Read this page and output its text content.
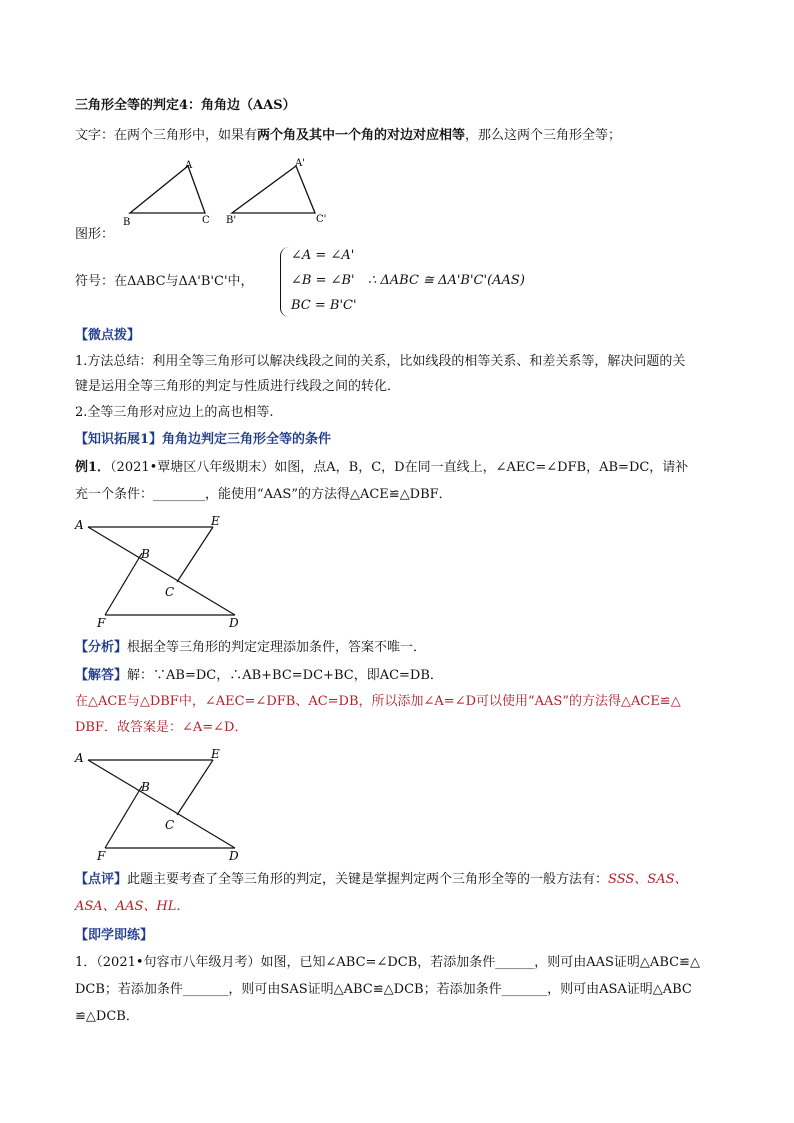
三角形全等的判定4：角角边（AAS）
文字：在两个三角形中，如果有两个角及其中一个角的对边对应相等，那么这两个三角形全等；
A
B	C
A'
B'	C'
图形：
符号：在ΔABC与ΔA'B'C'中，
∠A = ∠A'
∠B = ∠B'
BC = B'C'
∴ ΔABC ≅ ΔA'B'C'(AAS)
【微点拨】
1.方法总结：利用全等三角形可以解决线段之间的关系，比如线段的相等关系、和差关系等，解决问题的关
键是运用全等三角形的判定与性质进行线段之间的转化．
2.全等三角形对应边上的高也相等.
【知识拓展1】角角边判定三角形全等的条件
例1．（2021•覃塘区八年级期末）如图，点A，B，C，D在同一直线上，∠AEC=∠DFB，AB=DC，请补
充一个条件：________，能使用“AAS”的方法得△ACE≌△DBF．
A	E
B
C
F	D
【分析】根据全等三角形的判定定理添加条件，答案不唯一．
【解答】解：∵AB=DC，∴AB+BC=DC+BC，即AC=DB．
在△ACE与△DBF中，∠AEC=∠DFB、AC=DB，所以添加∠A=∠D可以使用“AAS”的方法得△ACE≌△
DBF．故答案是：∠A=∠D．
A	E
B
C
F	D
【点评】此题主要考查了全等三角形的判定，关键是掌握判定两个三角形全等的一般方法有：SSS、SAS、
ASA、AAS、HL．
【即学即练】
1．（2021•句容市八年级月考）如图，已知∠ABC=∠DCB，若添加条件______，则可由AAS证明△ABC≌△
DCB；若添加条件_______，则可由SAS证明△ABC≌△DCB；若添加条件_______，则可由ASA证明△ABC
≌△DCB．
